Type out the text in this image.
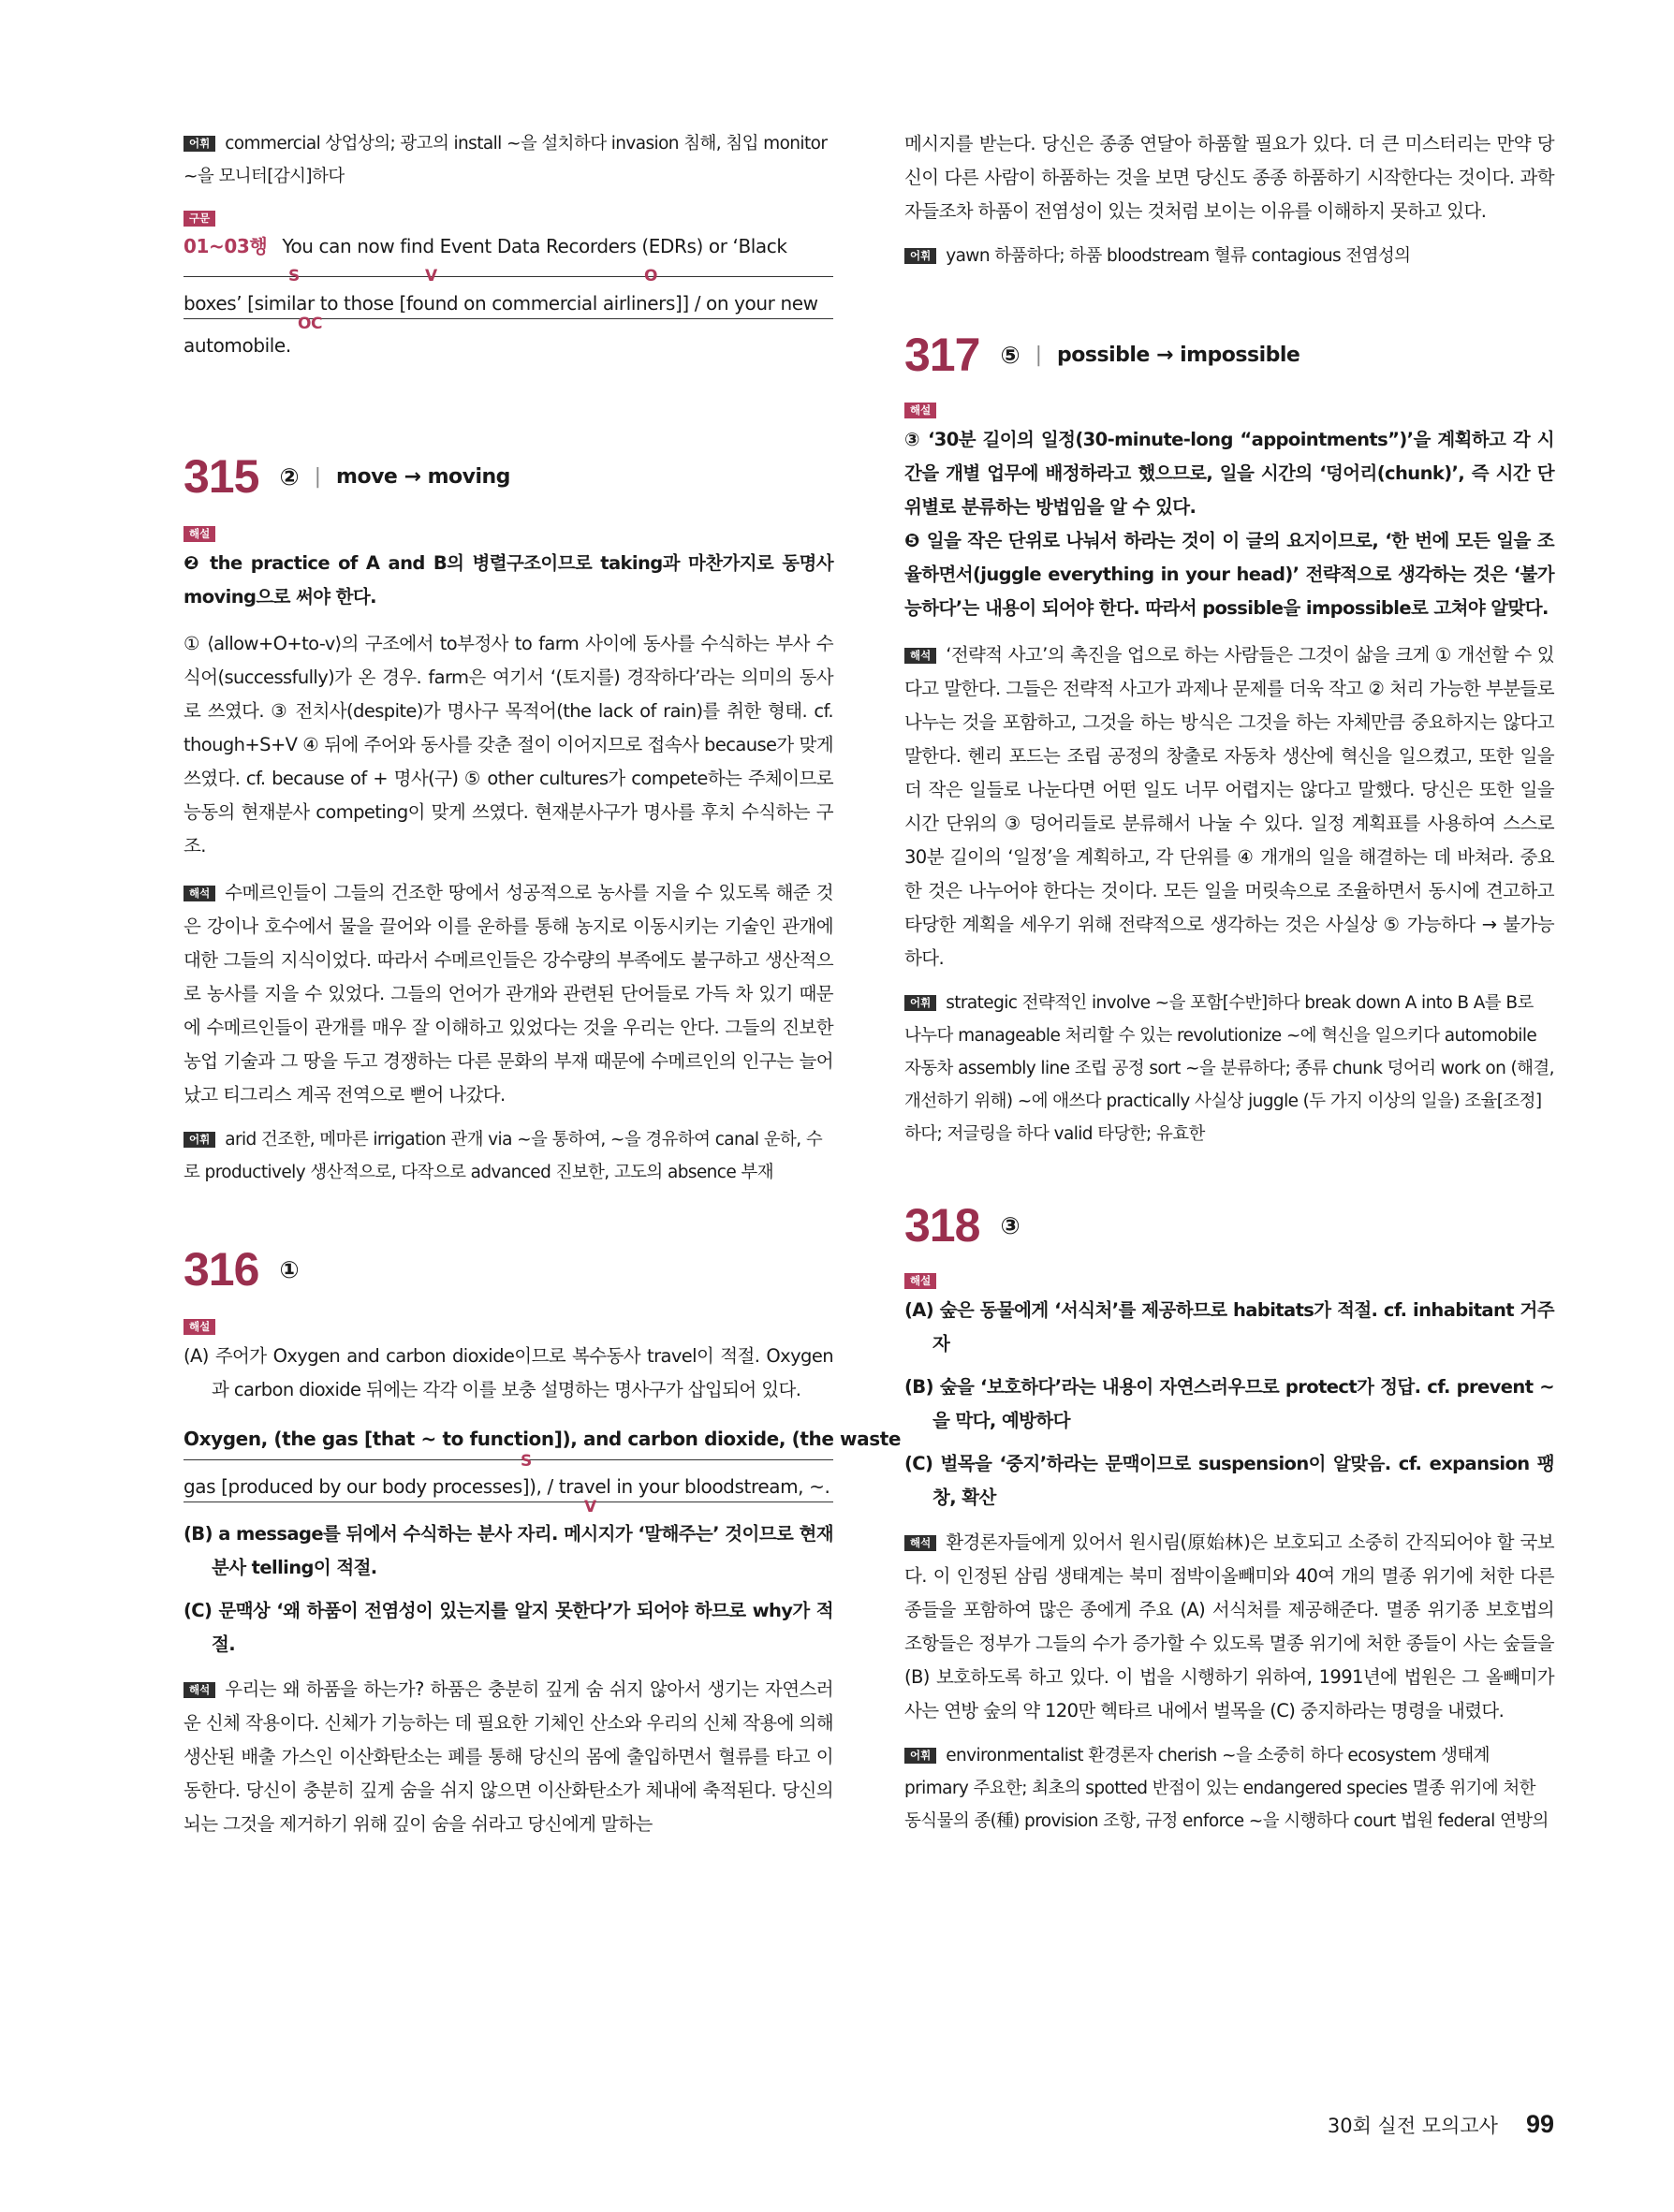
어휘 commercial 상업상의; 광고의 install ~을 설치하다 invasion 침해, 침입 monitor ~을 모니터[감시]하다

구문
01~03행 You can now find Event Data Recorders (EDRs) or ‘Black
S	V	O
boxes’ [similar to those [found on commercial airliners]] / on your new
OC

automobile.

315 ② | move → moving
해설

❷ the practice of A and B의 병렬구조이므로 taking과 마찬가지로 동명사 moving으로 써야 한다.

① ⟨allow+O+to-v⟩의 구조에서 to부정사 to farm 사이에 동사를 수식하는 부사 수식어(successfully)가 온 경우. farm은 여기서 ‘(토지를) 경작하다’라는 의미의 동사로 쓰였다. ③ 전치사(despite)가 명사구 목적어(the lack of rain)를 취한 형태. cf. though+S+V ④ 뒤에 주어와 동사를 갖춘 절이 이어지므로 접속사 because가 맞게 쓰였다. cf. because of + 명사(구) ⑤ other cultures가 compete하는 주체이므로 능동의 현재분사 competing이 맞게 쓰였다. 현재분사구가 명사를 후치 수식하는 구조.

해석 수메르인들이 그들의 건조한 땅에서 성공적으로 농사를 지을 수 있도록 해준 것은 강이나 호수에서 물을 끌어와 이를 운하를 통해 농지로 이동시키는 기술인 관개에 대한 그들의 지식이었다. 따라서 수메르인들은 강수량의 부족에도 불구하고 생산적으로 농사를 지을 수 있었다. 그들의 언어가 관개와 관련된 단어들로 가득 차 있기 때문에 수메르인들이 관개를 매우 잘 이해하고 있었다는 것을 우리는 안다. 그들의 진보한 농업 기술과 그 땅을 두고 경쟁하는 다른 문화의 부재 때문에 수메르인의 인구는 늘어났고 티그리스 계곡 전역으로 뻗어 나갔다.

어휘 arid 건조한, 메마른 irrigation 관개 via ~을 통하여, ~을 경유하여 canal 운하, 수로 productively 생산적으로, 다작으로 advanced 진보한, 고도의 absence 부재

316 ①
해설

(A) 주어가 Oxygen and carbon dioxide이므로 복수동사 travel이 적절. Oxygen과 carbon dioxide 뒤에는 각각 이를 보충 설명하는 명사구가 삽입되어 있다.

Oxygen, (the gas [that ~ to function]), and carbon dioxide, (the waste
S
gas [produced by our body processes]), / travel in your bloodstream, ~.
V

(B) a message를 뒤에서 수식하는 분사 자리. 메시지가 ‘말해주는’ 것이므로 현재분사 telling이 적절.

(C) 문맥상 ‘왜 하품이 전염성이 있는지를 알지 못한다’가 되어야 하므로 why가 적절.

해석 우리는 왜 하품을 하는가? 하품은 충분히 깊게 숨 쉬지 않아서 생기는 자연스러운 신체 작용이다. 신체가 기능하는 데 필요한 기체인 산소와 우리의 신체 작용에 의해 생산된 배출 가스인 이산화탄소는 폐를 통해 당신의 몸에 출입하면서 혈류를 타고 이동한다. 당신이 충분히 깊게 숨을 쉬지 않으면 이산화탄소가 체내에 축적된다. 당신의 뇌는 그것을 제거하기 위해 깊이 숨을 쉬라고 당신에게 말하는

메시지를 받는다. 당신은 종종 연달아 하품할 필요가 있다. 더 큰 미스터리는 만약 당신이 다른 사람이 하품하는 것을 보면 당신도 종종 하품하기 시작한다는 것이다. 과학자들조차 하품이 전염성이 있는 것처럼 보이는 이유를 이해하지 못하고 있다.

어휘 yawn 하품하다; 하품 bloodstream 혈류 contagious 전염성의

317 ⑤ | possible → impossible
해설

③ ‘30분 길이의 일정(30-minute-long “appointments”)’을 계획하고 각 시간을 개별 업무에 배정하라고 했으므로, 일을 시간의 ‘덩어리(chunk)’, 즉 시간 단위별로 분류하는 방법임을 알 수 있다.

❺ 일을 작은 단위로 나눠서 하라는 것이 이 글의 요지이므로, ‘한 번에 모든 일을 조율하면서(juggle everything in your head)’ 전략적으로 생각하는 것은 ‘불가능하다’는 내용이 되어야 한다. 따라서 possible을 impossible로 고쳐야 알맞다.

해석 ‘전략적 사고’의 촉진을 업으로 하는 사람들은 그것이 삶을 크게 ① 개선할 수 있다고 말한다. 그들은 전략적 사고가 과제나 문제를 더욱 작고 ② 처리 가능한 부분들로 나누는 것을 포함하고, 그것을 하는 방식은 그것을 하는 자체만큼 중요하지는 않다고 말한다. 헨리 포드는 조립 공정의 창출로 자동차 생산에 혁신을 일으켰고, 또한 일을 더 작은 일들로 나눈다면 어떤 일도 너무 어렵지는 않다고 말했다. 당신은 또한 일을 시간 단위의 ③ 덩어리들로 분류해서 나눌 수 있다. 일정 계획표를 사용하여 스스로 30분 길이의 ‘일정’을 계획하고, 각 단위를 ④ 개개의 일을 해결하는 데 바쳐라. 중요한 것은 나누어야 한다는 것이다. 모든 일을 머릿속으로 조율하면서 동시에 견고하고 타당한 계획을 세우기 위해 전략적으로 생각하는 것은 사실상 ⑤ 가능하다 → 불가능하다.

어휘 strategic 전략적인 involve ~을 포함[수반]하다 break down A into B A를 B로 나누다 manageable 처리할 수 있는 revolutionize ~에 혁신을 일으키다 automobile 자동차 assembly line 조립 공정 sort ~을 분류하다; 종류 chunk 덩어리 work on (해결, 개선하기 위해) ~에 애쓰다 practically 사실상 juggle (두 가지 이상의 일을) 조율[조정]하다; 저글링을 하다 valid 타당한; 유효한

318 ③
해설

(A) 숲은 동물에게 ‘서식처’를 제공하므로 habitats가 적절. cf. inhabitant 거주자

(B) 숲을 ‘보호하다’라는 내용이 자연스러우므로 protect가 정답. cf. prevent ~을 막다, 예방하다

(C) 벌목을 ‘중지’하라는 문맥이므로 suspension이 알맞음. cf. expansion 팽창, 확산

해석 환경론자들에게 있어서 원시림(原始林)은 보호되고 소중히 간직되어야 할 국보다. 이 인정된 삼림 생태계는 북미 점박이올빼미와 40여 개의 멸종 위기에 처한 다른 종들을 포함하여 많은 종에게 주요 (A) 서식처를 제공해준다. 멸종 위기종 보호법의 조항들은 정부가 그들의 수가 증가할 수 있도록 멸종 위기에 처한 종들이 사는 숲들을 (B) 보호하도록 하고 있다. 이 법을 시행하기 위하여, 1991년에 법원은 그 올빼미가 사는 연방 숲의 약 120만 헥타르 내에서 벌목을 (C) 중지하라는 명령을 내렸다.

어휘 environmentalist 환경론자 cherish ~을 소중히 하다 ecosystem 생태계 primary 주요한; 최초의 spotted 반점이 있는 endangered species 멸종 위기에 처한 동식물의 종(種) provision 조항, 규정 enforce ~을 시행하다 court 법원 federal 연방의

30회 실전 모의고사 99
